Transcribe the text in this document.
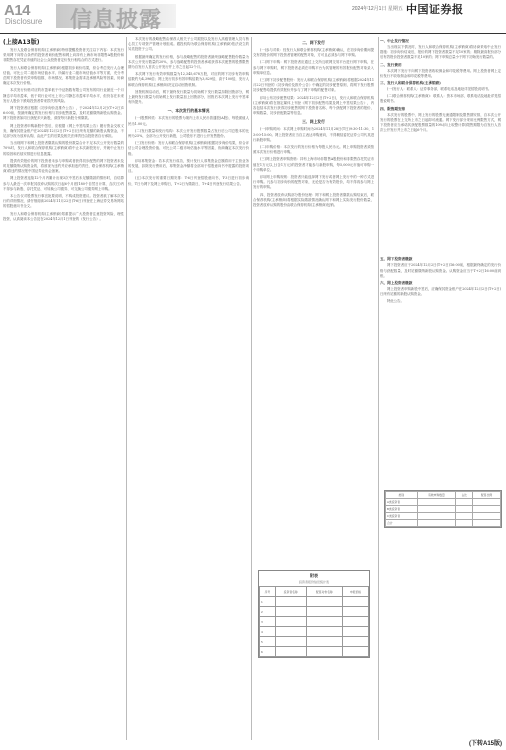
A14
Disclosure 信息披露	2024年12月1日 星期五 中国证券报
(上接A13版)

发行人及联合保荐机构(主承销商)特别提醒投资者关注以下内容：本次发行采用网下向符合条件的投资者询价配售和网上向持有上海市场非限售A股股份和非限售存托凭证市值的社会公众投资者定价发行相结合的方式进行。

发行人和联合保荐机构(主承销商)根据初步询价结果，综合考虑发行人合理估值、可比公司二级市场估值水平、所属行业二级市场估值水平等方面，充分考虑网下投资者有效申购倍数、市场情况、募集资金需求及承销风险等因素，协商确定本次发行价格。

本次发行价格对应的市盈率低于中证指数有限公司发布的同行业最近一个月静态平均市盈率，低于同行业可比上市公司静态市盈率平均水平，但仍存在未来发行人股价下跌给投资者带来损失的风险。

网下投资者应根据《初步询价及推介公告》，于2024年12月2日(T+2日)16:00前，按最终确定的发行价格与初步配售数量，及时足额缴纳新股认购资金。网下投资者如同日获配多只新股，请按每只新股分别缴款。

网上投资者申购新股中签后，应根据《网上中签结果公告》履行资金交收义务，确保其资金账户在2024年12月2日(T+2日)日终有足额的新股认购资金，不足部分视为放弃认购，由此产生的后果及相关法律责任由投资者自行承担。

当出现网下和网上投资者缴款认购的股份数量合计不足本次公开发行数量的70%时，发行人和联合保荐机构(主承销商)将中止本次新股发行，并就中止发行的原因和后续安排进行信息披露。

提供有效报价的网下投资者未参与申购或者获得初步配售的网下投资者未及时足额缴纳认购资金的，将被视为违约并应承担违约责任，联合保荐机构(主承销商)将违约情况报中国证券业协会备案。

网上投资者连续12个月内累计出现3次中签后未足额缴款的情形时，自结算参与人最近一次申报其放弃认购的次日起6个月(按180个自然日计算，含次日)内不得参与新股、存托凭证、可转换公司债券、可交换公司债券网上申购。

本公告仅对股票发行事宜扼要说明，不构成投资建议。投资者欲了解本次发行的详细情况，请仔细阅读2024年11月22日(T-6日)刊登在上海证券交易所网站的招股意向书全文。

发行人和联合保荐机构(主承销商)郑重提示广大投资者注意投资风险，理性投资，认真阅读本公告及在2024年12月1日刊登的《发行公告》。

本次发行的战略配售由保荐人相关子公司跟投以及发行人高级管理人员与核心员工专项资产管理计划组成。跟投机构为联合保荐机构(主承销商)依法设立的另类投资子公司。

根据最终确定的发行价格，参与战略配售的投资者最终战略配售股份数量为本次公开发行数量的20%，参与战略配售的投资者承诺获得本次配售的股票限售期为自发行人首次公开发行并上市之日起12个月。

本次网下发行有效申购数量为12,345,678万股，对应的网下初步有效申购倍数约为4,396倍；网上发行初步有效申购倍数为3,829倍，高于100倍，发行人和联合保荐机构(主承销商)决定启动回拨机制。

回拨机制启动后，网下最终发行数量为初始网下发行数量扣除回拨部分，网上最终发行数量为初始网上发行数量加上回拨部分，回拨后本次网上发行中签率有所提升。

一、本次发行的基本情况

(一)股票种类：本次发行的股票为境内上市人民币普通股(A股)，每股面值人民币1.00元。

(二)发行数量和发行结构：本次公开发行股票数量占发行后公司总股本的比例为25%，全部为公开发行新股，公司股东不进行公开发售股份。

(三)发行价格：发行人和联合保荐机构(主承销商)根据初步询价结果，综合评估公司合理投资价值、可比公司二级市场估值水平等因素，协商确定本次发行价格。

(四)募集资金：若本次发行成功，预计发行人募集资金总额将用于主营业务的发展，扣除发行费用后，募集资金净额将全部用于招股意向书中披露的投资项目。

(五)本次发行的重要日期安排：T-6日刊登招股意向书，T-3日进行初步询价，T日为网下及网上申购日，T+2日为缴款日，T+4日刊登发行结果公告。

二、网下发行

(一)参与对象：经发行人和联合保荐机构(主承销商)确认，在初步询价期间提交有效报价的网下投资者管理的配售对象，方可且必须参与网下申购。

(二)网下申购：网下投资者应通过上交所互联网交易平台进行网下申购，在参与网下申购时，网下投资者必须在申购平台为其管理的有效报价配售对象录入申购单信息。

(三)网下初步配售股份：发行人和联合保荐机构(主承销商)将根据2024年11月22日刊登的《初步询价及推介公告》中确定的初步配售原则，将网下发行股票初步配售给提供有效报价并参与了网下申购的配售对象。

(四)公布初步配售结果：2024年12月2日(T+2日)，发行人和联合保荐机构(主承销商)将在指定媒体上刊登《网下初步配售结果及网上中签结果公告》，内容包括本次发行获得初步配售的网下投资者名称、每个获配网下投资者的报价、申购数量、初步获配数量等信息。

三、网上发行

(一)申购时间：本次网上申购时间为2024年11月28日(T日)9:30-11:30、13:00-15:00。网上投资者应当自主表达申购意向，不得概括委托证券公司代其进行新股申购。

(二)申购价格：本次发行的发行价格为每股人民币元。网上申购投资者须按照本次发行价格进行申购。

(三)网上投资者申购资格：持有上海市场非限售A股股份和非限售存托凭证市值在1万元以上(含1万元)的投资者才能参与新股申购，每5,000元市值可申购一个申购单位。

(四)网上申购规则：投资者只能选择网下发行或者网上发行中的一种方式进行申购。凡参与初步询价的配售对象，无论是否为有效报价，均不得再参与网上发行的申购。

四、投资者放弃认购部分股份处理：网下和网上投资者缴款认购结束后，联合保荐机构(主承销商)将根据实际缴款情况确认网下和网上实际发行股份数量，投资者放弃认购的股份由联合保荐机构(主承销商)包销。

附表
投资者报价信息统计表
序号	投资者名称	配售对象名称	申报价格
1			
2			
3			
4			
5			
6			

一、中止发行情况

当出现以下情况时，发行人和联合保荐机构(主承销商)将协商采取中止发行措施：初步询价结束后，报价的网下投资者数量不足10家的；剔除最高报价部分后有效报价投资者数量不足10家的；网下申购总量小于网下初始发行数量的。

二、发行费用

本次网下发行不向网下投资者收取佣金和印花税等费用。网上投资者网上定价发行不收取佣金和印花税等费用。

三、发行人和联合保荐机构(主承销商)

(一)发行人：联系人：证券事务部，联系电话及地址详见招股说明书。

(二)联合保荐机构(主承销商)：联系人：资本市场部，联系电话及地址详见招股说明书。

四、限售期安排

本次发行的股票中，网上发行的股票无流通限制及限售期安排，自本次公开发行的股票在上交所上市之日起即可流通。网下发行部分采用比例限售方式，网下投资者应当承诺其获配股票数量的10%(向上取整计算)限售期限为自发行人首次公开发行并上市之日起6个月。

五、网下投资者缴款

网下投资者应于2024年12月2日(T+2日)16:00前，根据最终确定的发行价格与获配数量，及时足额缴纳新股认购资金。认购资金应当于T+2日16:00前到账。

六、网上投资者缴款

网上投资者申购新股中签后，应确保其资金账户在2024年12月2日(T+2日)日终有足额的新股认购资金。

特此公告。

类别	有效申购数量	占比	配售比例
A类投资者			
B类投资者			
C类投资者			
合计			
(下转A15版)
